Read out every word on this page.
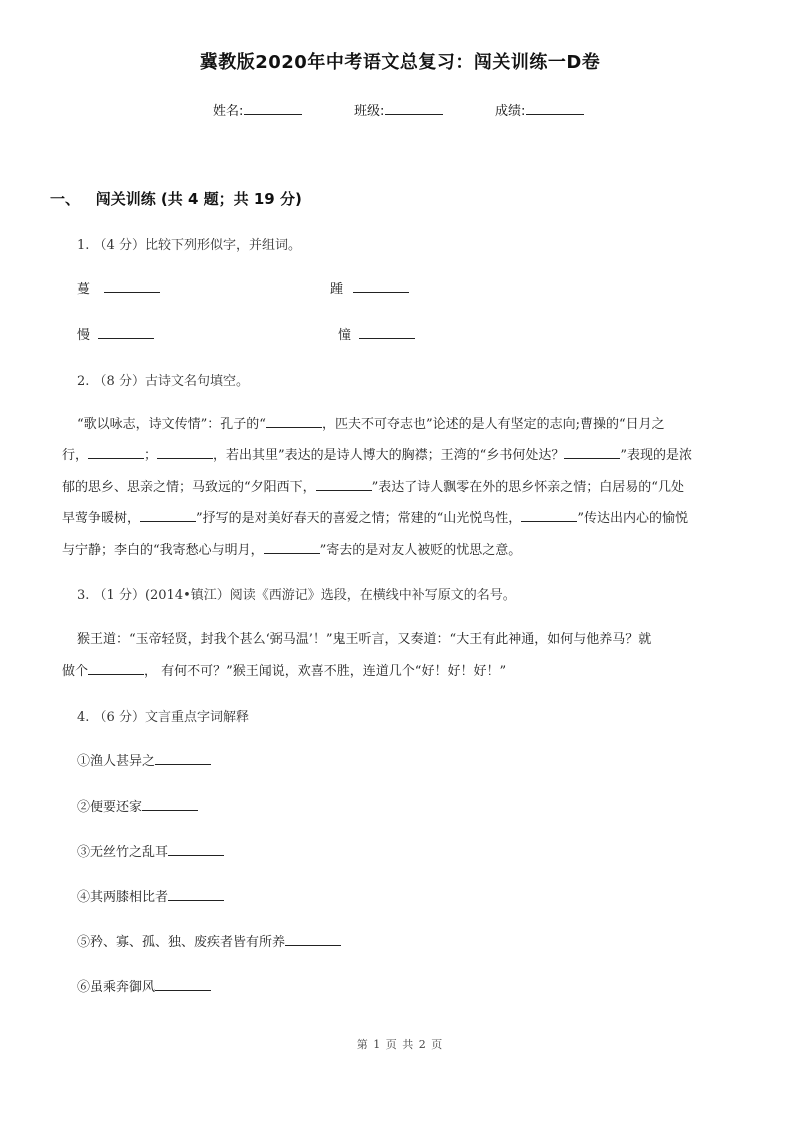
冀教版2020年中考语文总复习：闯关训练一D卷
姓名:	班级:	成绩:
一、 闯关训练 (共 4 题；共 19 分)
1. （4 分）比较下列形似字，并组词。
蔓	踵
慢	憧
2. （8 分）古诗文名句填空。
“歌以咏志，诗文传情”：孔子的“	，匹夫不可夺志也”论述的是人有坚定的志向;曹操的“日月之
行，	；	，若出其里”表达的是诗人博大的胸襟；王湾的“乡书何处达？	”表现的是浓
郁的思乡、思亲之情；马致远的“夕阳西下，	”表达了诗人飘零在外的思乡怀亲之情；白居易的“几处
早莺争暖树，	”抒写的是对美好春天的喜爱之情；常建的“山光悦鸟性，	”传达出内心的愉悦
与宁静；李白的“我寄愁心与明月，	”寄去的是对友人被贬的忧思之意。
3. （1 分）(2014•镇江）阅读《西游记》选段，在横线中补写原文的名号。
猴王道：“玉帝轻贤，封我个甚么‘弼马温’！”鬼王听言，又奏道：“大王有此神通，如何与他养马？就
做个	， 有何不可？”猴王闻说，欢喜不胜，连道几个“好！好！好！”
4. （6 分）文言重点字词解释
①渔人甚异之
②便要还家
③无丝竹之乱耳
④其两膝相比者
⑤矜、寡、孤、独、废疾者皆有所养
⑥虽乘奔御风
第 1 页 共 2 页
